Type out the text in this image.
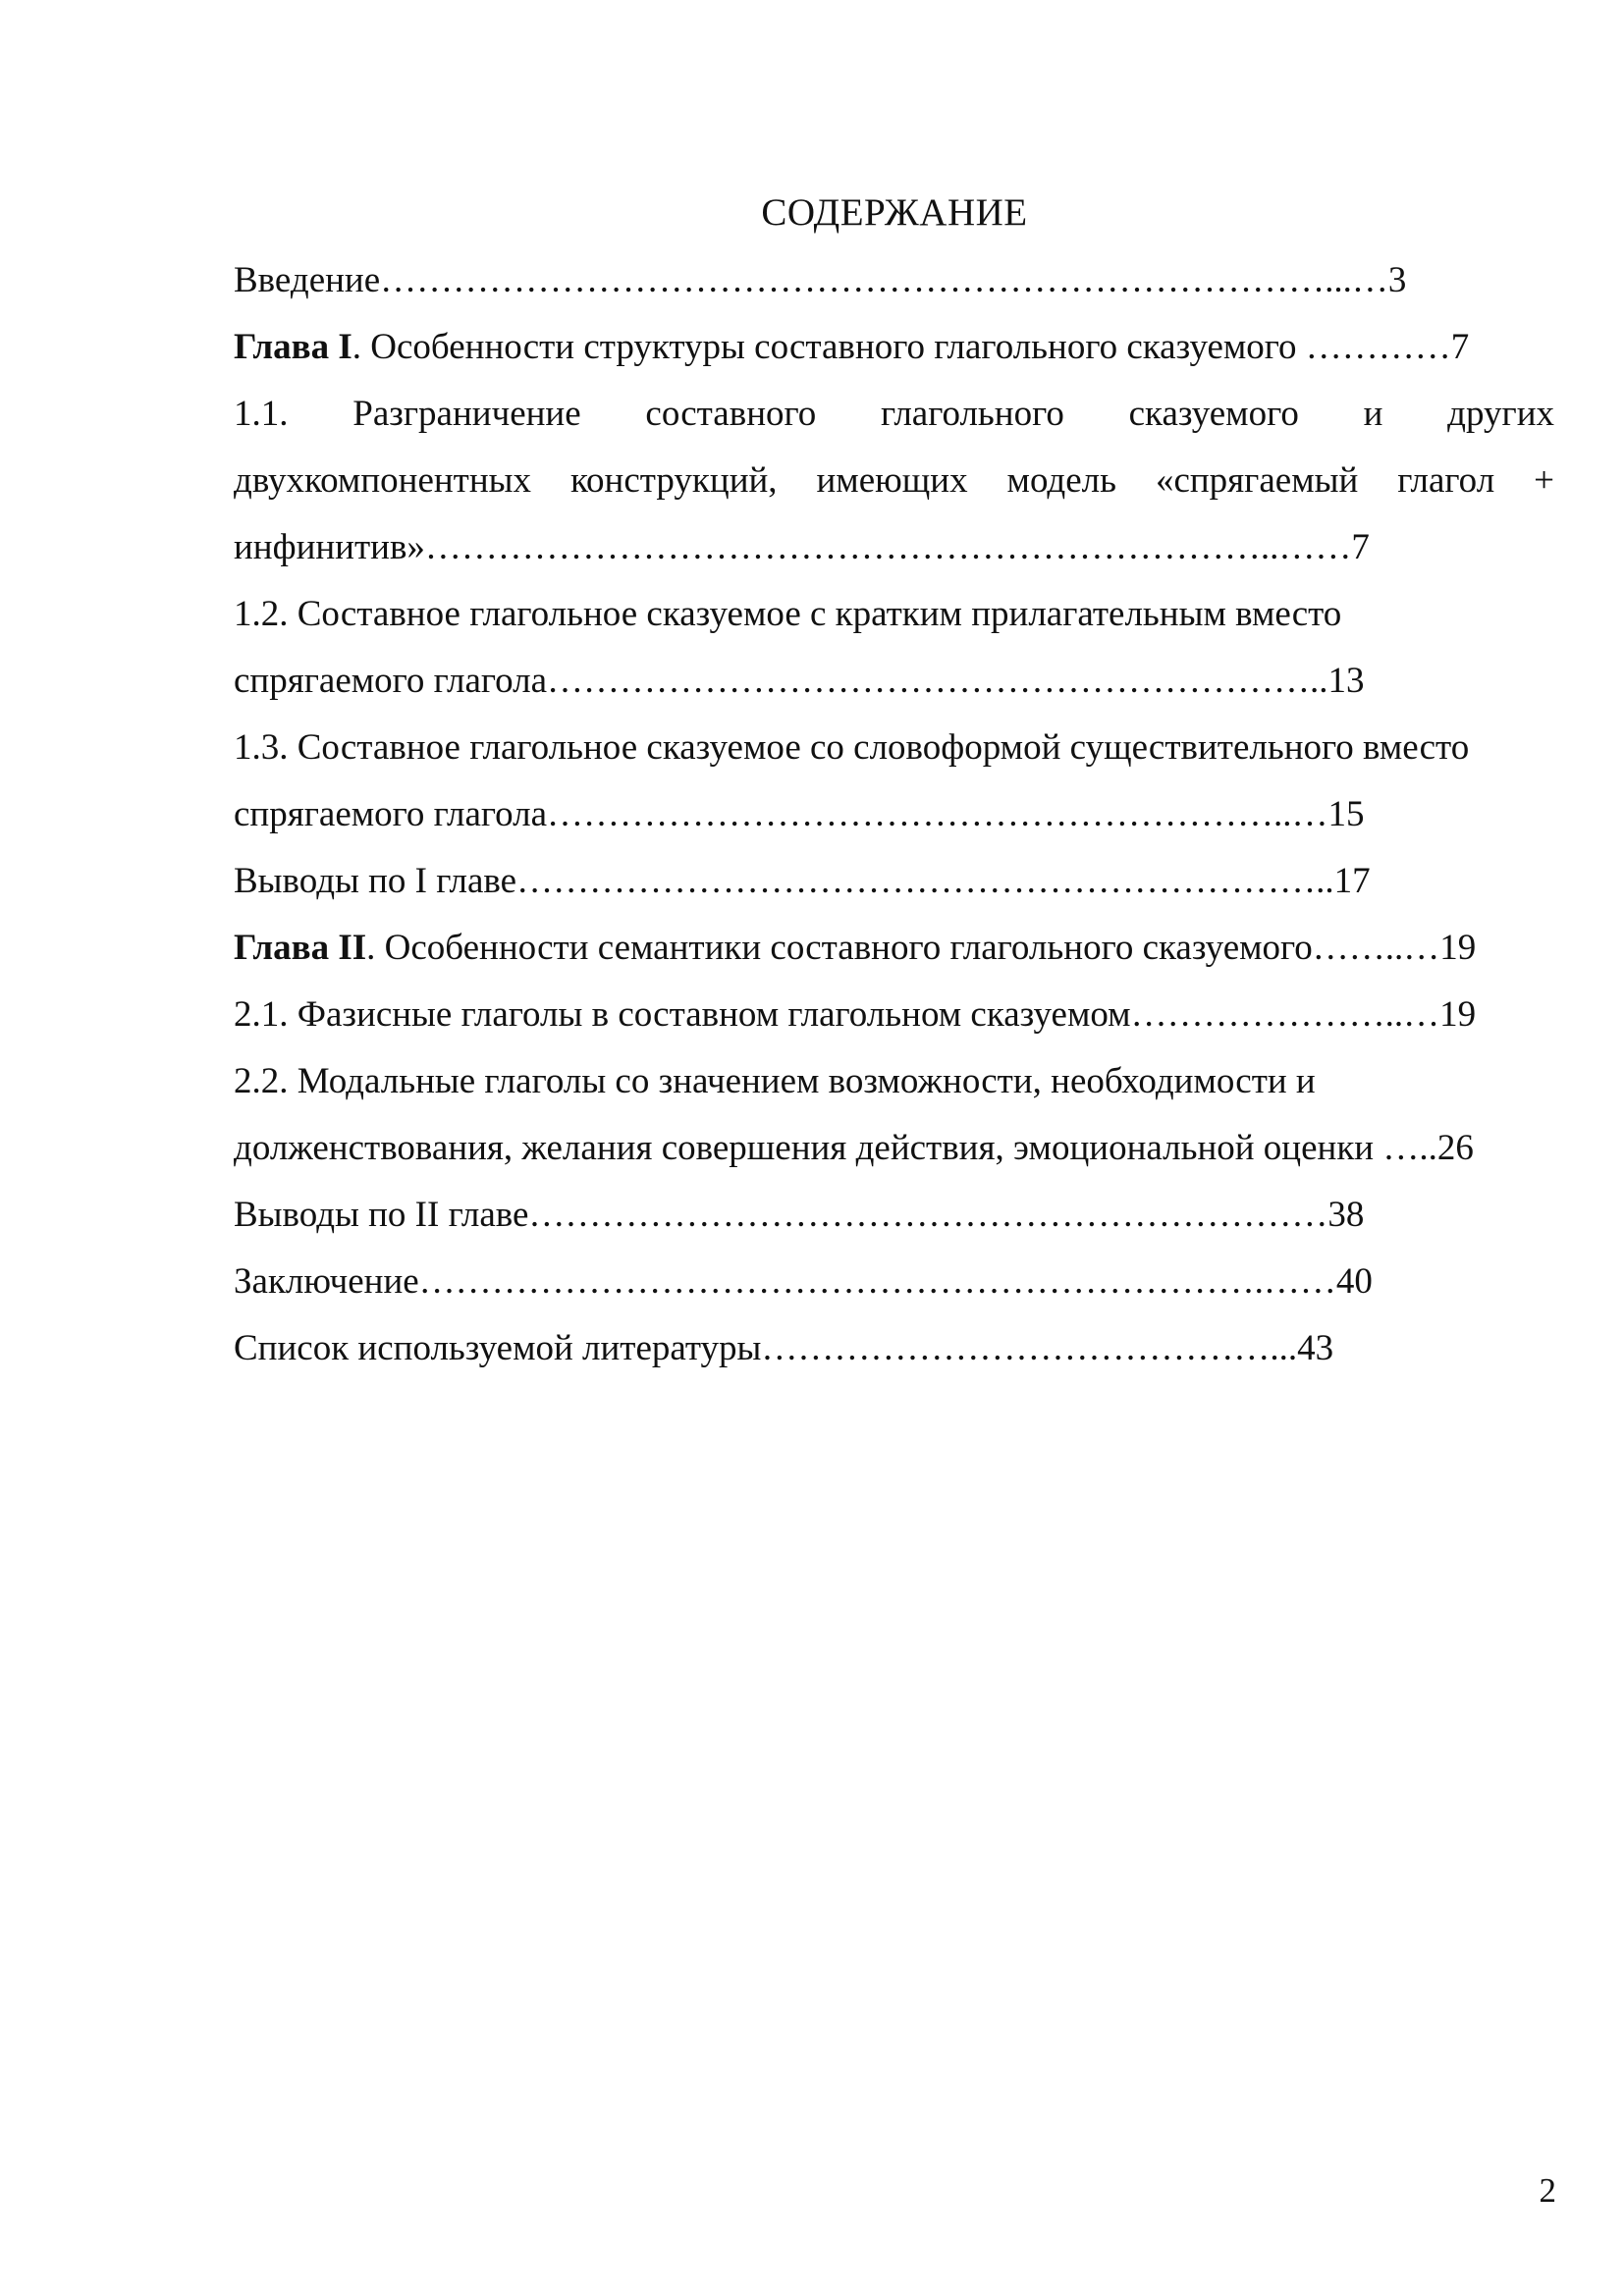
СОДЕРЖАНИЕ
Введение……………………………………………………………………...…3
Глава I. Особенности структуры составного глагольного сказуемого …………7
1.1. Разграничение составного глагольного сказуемого и других
двухкомпонентных конструкций, имеющих модель «спрягаемый глагол +
инфинитив»……………………………………………………………..……7
1.2. Составное глагольное сказуемое с кратким прилагательным вместо
спрягаемого глагола………………………………………………………..13
1.3. Составное глагольное сказуемое со словоформой существительного вместо
спрягаемого глагола……………………………………………………..…15
Выводы по I главе…………………………………………………………..17
Глава II. Особенности семантики составного глагольного сказуемого……..…19
2.1. Фазисные глаголы в составном глагольном сказуемом…………………..…19
2.2. Модальные глаголы со значением возможности, необходимости и
долженствования, желания совершения действия, эмоциональной оценки …..26
Выводы по II главе…………………………………………………………38
Заключение…………………………………………………………….……40
Список используемой литературы……………………………………...43
2
